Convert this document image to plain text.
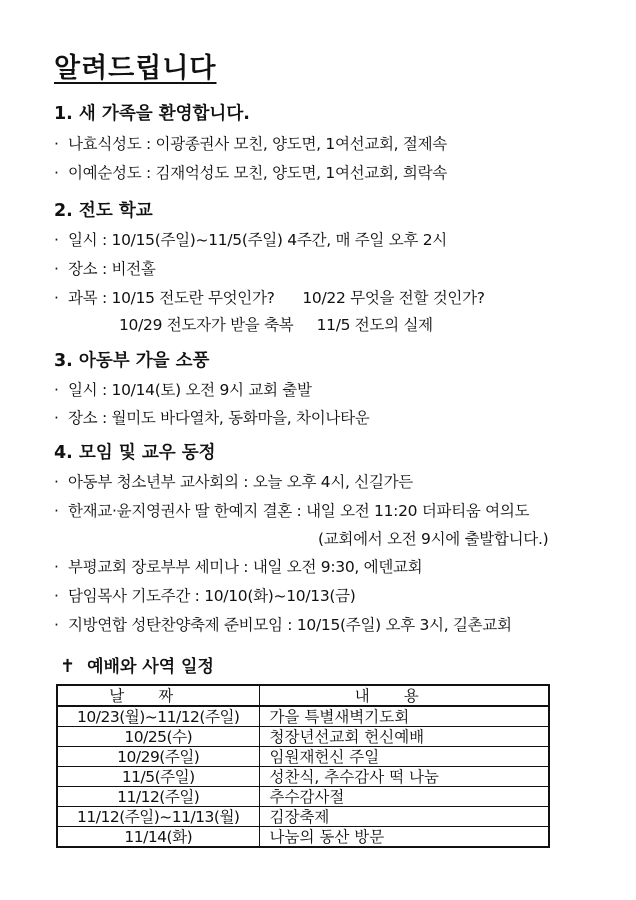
알려드립니다
1. 새 가족을 환영합니다.
· 나효식성도 : 이광종권사 모친, 양도면, 1여선교회, 절제속
· 이예순성도 : 김재억성도 모친, 양도면, 1여선교회, 희락속
2. 전도 학교
· 일시 : 10/15(주일)~11/5(주일) 4주간, 매 주일 오후 2시
· 장소 : 비전홀
· 과목 : 10/15 전도란 무엇인가?      10/22 무엇을 전할 것인가?
10/29 전도자가 받을 축복     11/5 전도의 실제
3. 아동부 가을 소풍
· 일시 : 10/14(토) 오전 9시 교회 출발
· 장소 : 월미도 바다열차, 동화마을, 차이나타운
4. 모임 및 교우 동정
· 아동부 청소년부 교사회의 : 오늘 오후 4시, 신길가든
· 한재교·윤지영권사 딸 한예지 결혼 : 내일 오전 11:20 더파티움 여의도
(교회에서 오전 9시에 출발합니다.)
· 부평교회 장로부부 세미나 : 내일 오전 9:30, 에덴교회
· 담임목사 기도주간 : 10/10(화)~10/13(금)
· 지방연합 성탄찬양축제 준비모임 : 10/15(주일) 오후 3시, 길촌교회
✝ 예배와 사역 일정
날짜	내용
10/23(월)~11/12(주일)	가을 특별새벽기도회
10/25(수)	청장년선교회 헌신예배
10/29(주일)	임원재헌신 주일
11/5(주일)	성찬식, 추수감사 떡 나눔
11/12(주일)	추수감사절
11/12(주일)~11/13(월)	김장축제
11/14(화)	나눔의 동산 방문
